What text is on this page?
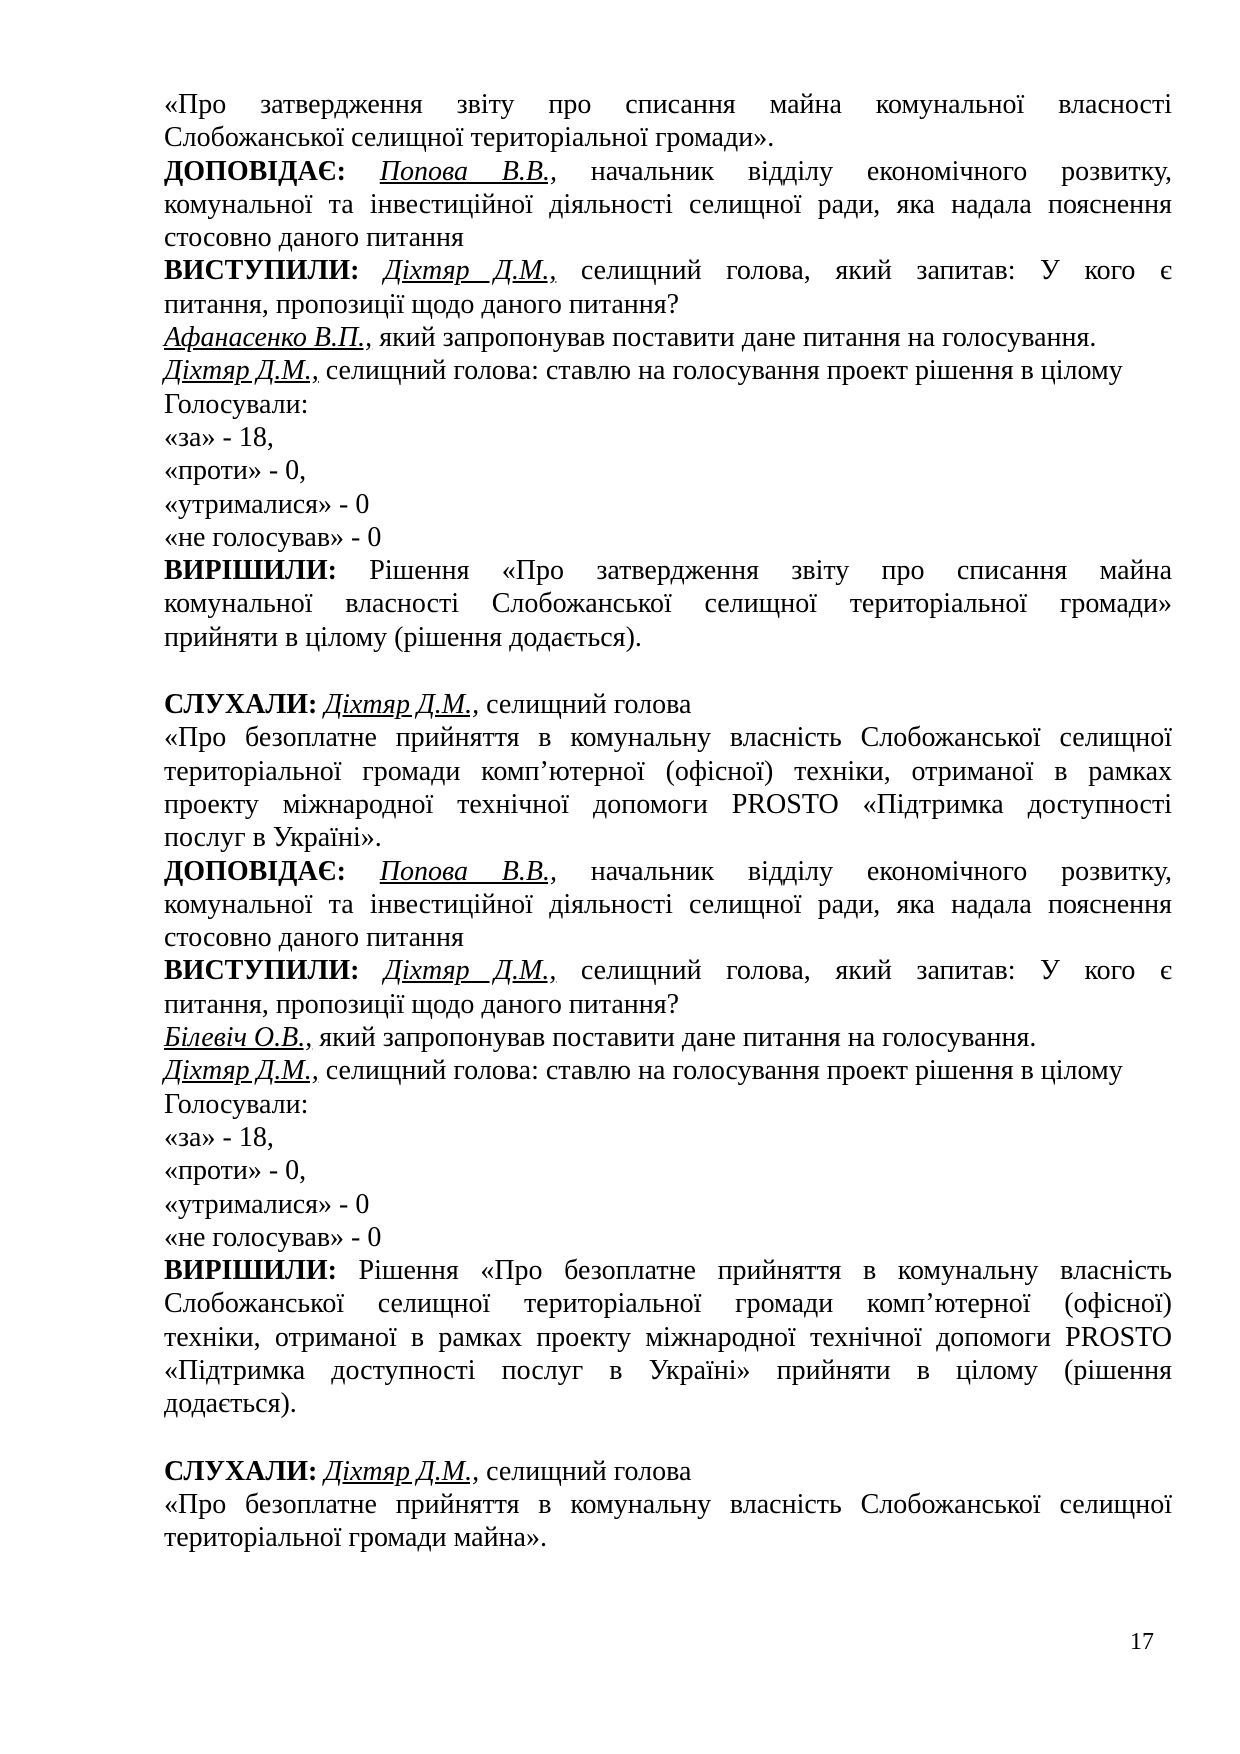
«Про затвердження звіту про списання майна комунальної власності
Слобожанської селищної територіальної громади».
ДОПОВІДАЄ: Попова В.В., начальник відділу економічного розвитку,
комунальної та інвестиційної діяльності селищної ради, яка надала пояснення
стосовно даного питання
ВИСТУПИЛИ: Діхтяр Д.М., селищний голова, який запитав: У кого є
питання, пропозиції щодо даного питання?
Афанасенко В.П., який запропонував поставити дане питання на голосування.
Діхтяр Д.М., селищний голова: ставлю на голосування проект рішення в цілому
Голосували:
«за» - 18,
«проти» - 0,
«утрималися» - 0
«не голосував» - 0
ВИРІШИЛИ: Рішення «Про затвердження звіту про списання майна
комунальної власності Слобожанської селищної територіальної громади»
прийняти в цілому (рішення додається).
СЛУХАЛИ: Діхтяр Д.М., селищний голова
«Про безоплатне прийняття в комунальну власність Слобожанської селищної
територіальної громади комп’ютерної (офісної) техніки, отриманої в рамках
проекту міжнародної технічної допомоги PROSTO «Підтримка доступності
послуг в Україні».
ДОПОВІДАЄ: Попова В.В., начальник відділу економічного розвитку,
комунальної та інвестиційної діяльності селищної ради, яка надала пояснення
стосовно даного питання
ВИСТУПИЛИ: Діхтяр Д.М., селищний голова, який запитав: У кого є
питання, пропозиції щодо даного питання?
Білевіч О.В., який запропонував поставити дане питання на голосування.
Діхтяр Д.М., селищний голова: ставлю на голосування проект рішення в цілому
Голосували:
«за» - 18,
«проти» - 0,
«утрималися» - 0
«не голосував» - 0
ВИРІШИЛИ: Рішення «Про безоплатне прийняття в комунальну власність
Слобожанської селищної територіальної громади комп’ютерної (офісної)
техніки, отриманої в рамках проекту міжнародної технічної допомоги PROSTO
«Підтримка доступності послуг в Україні» прийняти в цілому (рішення
додається).
СЛУХАЛИ: Діхтяр Д.М., селищний голова
«Про безоплатне прийняття в комунальну власність Слобожанської селищної
територіальної громади майна».
17
